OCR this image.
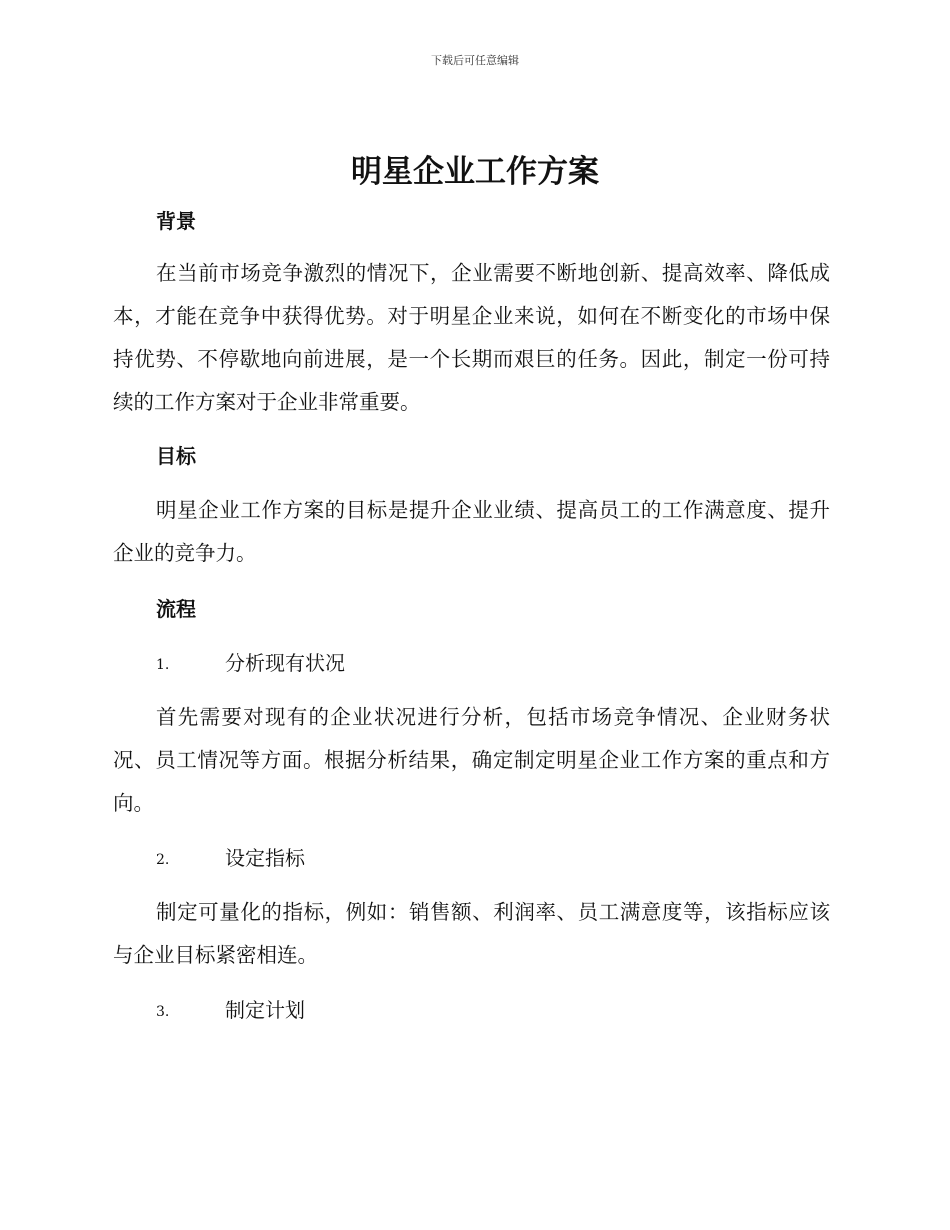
下载后可任意编辑
明星企业工作方案
背景

在当前市场竞争激烈的情况下，企业需要不断地创新、提高效率、降低成本，才能在竞争中获得优势。对于明星企业来说，如何在不断变化的市场中保持优势、不停歇地向前进展，是一个长期而艰巨的任务。因此，制定一份可持续的工作方案对于企业非常重要。

目标

明星企业工作方案的目标是提升企业业绩、提高员工的工作满意度、提升企业的竞争力。

流程
1.	分析现有状况

首先需要对现有的企业状况进行分析，包括市场竞争情况、企业财务状况、员工情况等方面。根据分析结果，确定制定明星企业工作方案的重点和方向。

2.	设定指标

制定可量化的指标，例如：销售额、利润率、员工满意度等，该指标应该与企业目标紧密相连。

3.	制定计划
